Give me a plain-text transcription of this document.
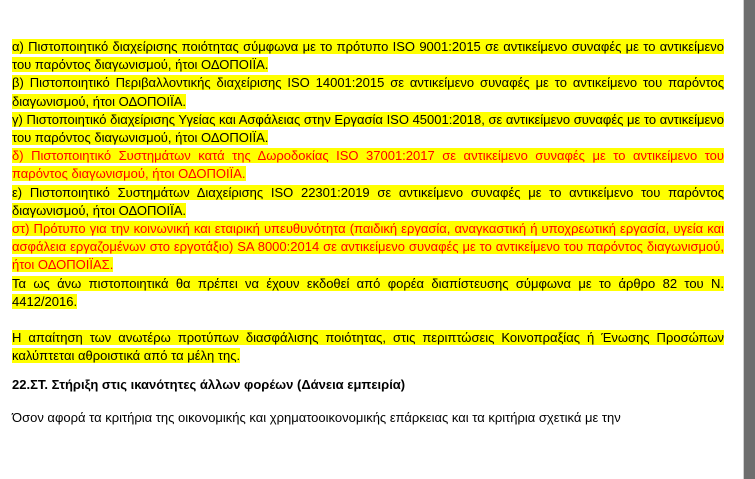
α) Πιστοποιητικό διαχείρισης ποιότητας σύμφωνα με το πρότυπο ISO 9001:2015 σε αντικείμενο συναφές με το αντικείμενο του παρόντος διαγωνισμού, ήτοι ΟΔΟΠΟΙΪΑ.

β) Πιστοποιητικό Περιβαλλοντικής διαχείρισης ISO 14001:2015 σε αντικείμενο συναφές με το αντικείμενο του παρόντος διαγωνισμού, ήτοι ΟΔΟΠΟΙΪΑ.

γ) Πιστοποιητικό διαχείρισης Υγείας και Ασφάλειας στην Εργασία ISO 45001:2018, σε αντικείμενο συναφές με το αντικείμενο του παρόντος διαγωνισμού, ήτοι ΟΔΟΠΟΙΪΑ.

δ) Πιστοποιητικό Συστημάτων κατά της Δωροδοκίας ISO 37001:2017 σε αντικείμενο συναφές με το αντικείμενο του παρόντος διαγωνισμού, ήτοι ΟΔΟΠΟΙΪΑ.

ε) Πιστοποιητικό Συστημάτων Διαχείρισης ISO 22301:2019 σε αντικείμενο συναφές με το αντικείμενο του παρόντος διαγωνισμού, ήτοι ΟΔΟΠΟΙΪΑ.

στ) Πρότυπο για την κοινωνική και εταιρική υπευθυνότητα (παιδική εργασία, αναγκαστική ή υποχρεωτική εργασία, υγεία και ασφάλεια εργαζομένων στο εργοτάξιο) SA 8000:2014 σε αντικείμενο συναφές με το αντικείμενο του παρόντος διαγωνισμού, ήτοι ΟΔΟΠΟΙΪΑΣ.

Τα ως άνω πιστοποιητικά θα πρέπει να έχουν εκδοθεί από φορέα διαπίστευσης σύμφωνα με το άρθρο 82 του Ν. 4412/2016.

Η απαίτηση των ανωτέρω προτύπων διασφάλισης ποιότητας, στις περιπτώσεις Κοινοπραξίας ή Ένωσης Προσώπων καλύπτεται αθροιστικά από τα μέλη της.

22.ΣΤ. Στήριξη στις ικανότητες άλλων φορέων (Δάνεια εμπειρία)

Όσον αφορά τα κριτήρια της οικονομικής και χρηματοοικονομικής επάρκειας και τα κριτήρια σχετικά με την
